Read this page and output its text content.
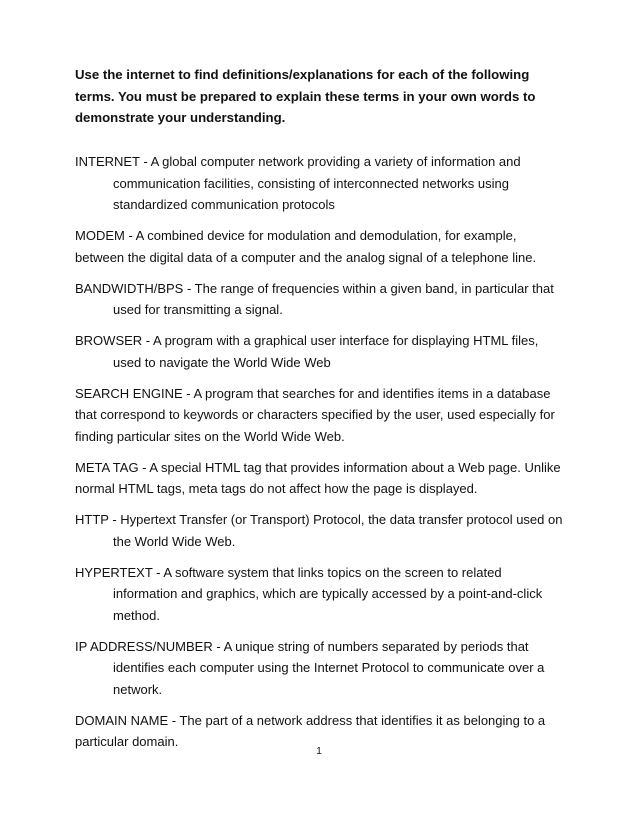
Use the internet to find definitions/explanations for each of the following terms. You must be prepared to explain these terms in your own words to demonstrate your understanding.

INTERNET - A global computer network providing a variety of information and communication facilities, consisting of interconnected networks using standardized communication protocols
MODEM - A combined device for modulation and demodulation, for example, between the digital data of a computer and the analog signal of a telephone line.
BANDWIDTH/BPS - The range of frequencies within a given band, in particular that used for transmitting a signal.
BROWSER - A program with a graphical user interface for displaying HTML files, used to navigate the World Wide Web
SEARCH ENGINE - A program that searches for and identifies items in a database that correspond to keywords or characters specified by the user, used especially for finding particular sites on the World Wide Web.
META TAG - A special HTML tag that provides information about a Web page. Unlike normal HTML tags, meta tags do not affect how the page is displayed.
HTTP - Hypertext Transfer (or Transport) Protocol, the data transfer protocol used on the World Wide Web.
HYPERTEXT - A software system that links topics on the screen to related information and graphics, which are typically accessed by a point-and-click method.
IP ADDRESS/NUMBER - A unique string of numbers separated by periods that identifies each computer using the Internet Protocol to communicate over a network.
DOMAIN NAME - The part of a network address that identifies it as belonging to a particular domain.
1
